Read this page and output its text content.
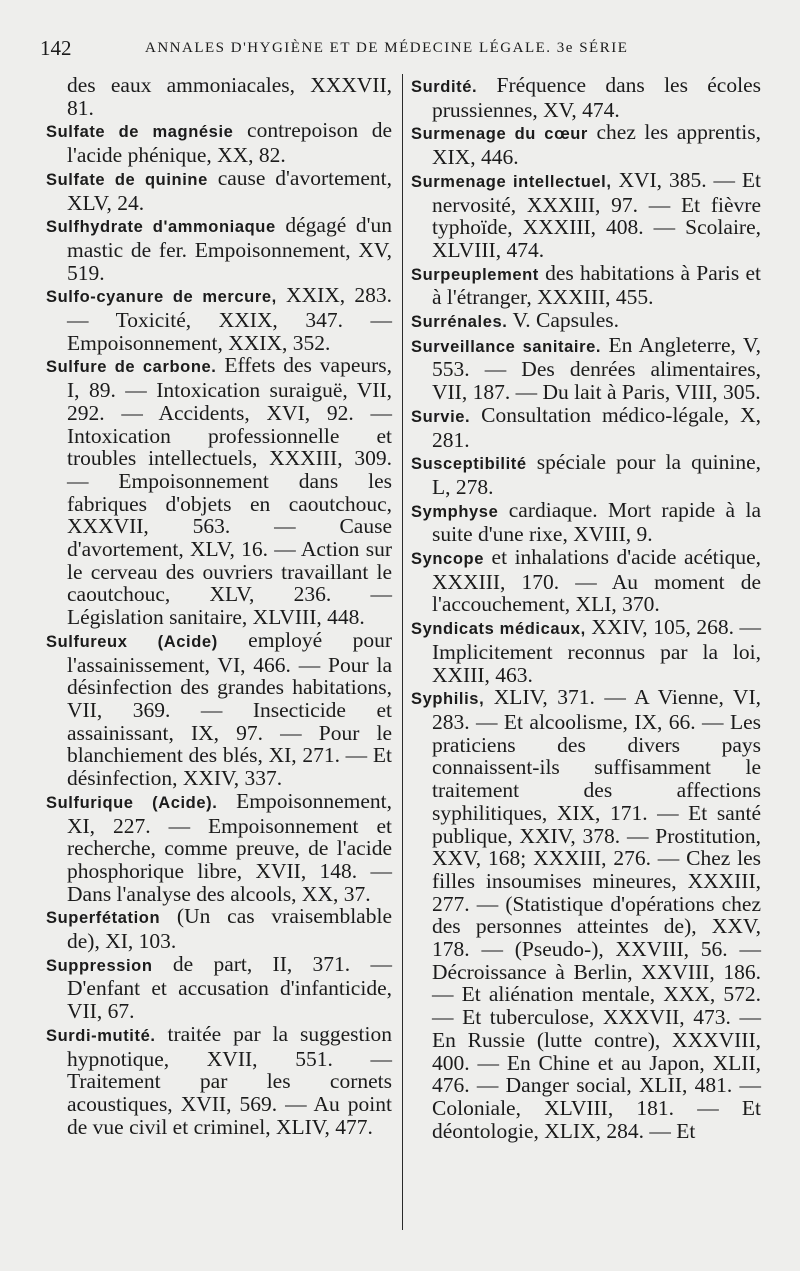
142	ANNALES D'HYGIÈNE ET DE MÉDECINE LÉGALE. 3e SÉRIE

des eaux ammoniacales, XXXVII, 81.

Sulfate de magnésie contrepoison de l'acide phénique, XX, 82.

Sulfate de quinine cause d'avortement, XLV, 24.

Sulfhydrate d'ammoniaque dégagé d'un mastic de fer. Empoisonnement, XV, 519.

Sulfo-cyanure de mercure, XXIX, 283. — Toxicité, XXIX, 347. — Empoisonnement, XXIX, 352.

Sulfure de carbone. Effets des vapeurs, I, 89. — Intoxication suraiguë, VII, 292. — Accidents, XVI, 92. — Intoxication professionnelle et troubles intellectuels, XXXIII, 309. — Empoisonnement dans les fabriques d'objets en caoutchouc, XXXVII, 563. — Cause d'avortement, XLV, 16. — Action sur le cerveau des ouvriers travaillant le caoutchouc, XLV, 236. — Législation sanitaire, XLVIII, 448.

Sulfureux (Acide) employé pour l'assainissement, VI, 466. — Pour la désinfection des grandes habitations, VII, 369. — Insecticide et assainissant, IX, 97. — Pour le blanchiement des blés, XI, 271. — Et désinfection, XXIV, 337.

Sulfurique (Acide). Empoisonnement, XI, 227. — Empoisonnement et recherche, comme preuve, de l'acide phosphorique libre, XVII, 148. — Dans l'analyse des alcools, XX, 37.

Superfétation (Un cas vraisemblable de), XI, 103.

Suppression de part, II, 371. — D'enfant et accusation d'infanticide, VII, 67.

Surdi-mutité. traitée par la suggestion hypnotique, XVII, 551. — Traitement par les cornets acoustiques, XVII, 569. — Au point de vue civil et criminel, XLIV, 477.

Surdité. Fréquence dans les écoles prussiennes, XV, 474.

Surmenage du cœur chez les apprentis, XIX, 446.

Surmenage intellectuel, XVI, 385. — Et nervosité, XXXIII, 97. — Et fièvre typhoïde, XXXIII, 408. — Scolaire, XLVIII, 474.

Surpeuplement des habitations à Paris et à l'étranger, XXXIII, 455.

Surrénales. V. Capsules.

Surveillance sanitaire. En Angleterre, V, 553. — Des denrées alimentaires, VII, 187. — Du lait à Paris, VIII, 305.

Survie. Consultation médico-légale, X, 281.

Susceptibilité spéciale pour la quinine, L, 278.

Symphyse cardiaque. Mort rapide à la suite d'une rixe, XVIII, 9.

Syncope et inhalations d'acide acétique, XXXIII, 170. — Au moment de l'accouchement, XLI, 370.

Syndicats médicaux, XXIV, 105, 268. — Implicitement reconnus par la loi, XXIII, 463.

Syphilis, XLIV, 371. — A Vienne, VI, 283. — Et alcoolisme, IX, 66. — Les praticiens des divers pays connaissent-ils suffisamment le traitement des affections syphilitiques, XIX, 171. — Et santé publique, XXIV, 378. — Prostitution, XXV, 168; XXXIII, 276. — Chez les filles insoumises mineures, XXXIII, 277. — (Statistique d'opérations chez des personnes atteintes de), XXV, 178. — (Pseudo-), XXVIII, 56. — Décroissance à Berlin, XXVIII, 186. — Et aliénation mentale, XXX, 572. — Et tuberculose, XXXVII, 473. — En Russie (lutte contre), XXXVIII, 400. — En Chine et au Japon, XLII, 476. — Danger social, XLII, 481. — Coloniale, XLVIII, 181. — Et déontologie, XLIX, 284. — Et
